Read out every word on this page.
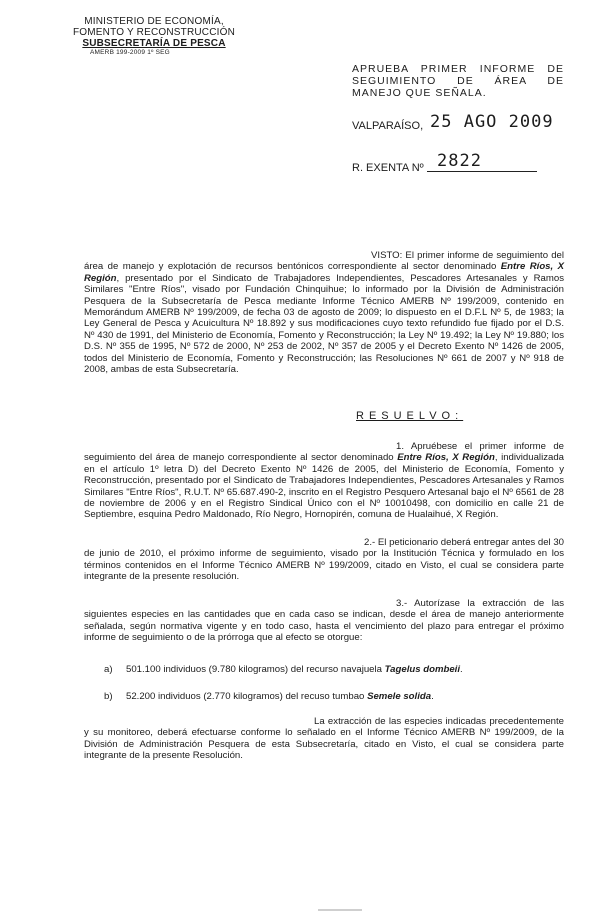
MINISTERIO DE ECONOMÍA,
FOMENTO Y RECONSTRUCCIÓN
SUBSECRETARÍA DE PESCA
AMERB 199-2009 1º SEG
APRUEBA PRIMER INFORME DE SEGUIMIENTO DE ÁREA DE MANEJO QUE SEÑALA.
VALPARAÍSO, 25 AGO 2009
R. EXENTA Nº 2822
VISTO: El primer informe de seguimiento del área de manejo y explotación de recursos bentónicos correspondiente al sector denominado Entre Ríos, X Región, presentado por el Sindicato de Trabajadores Independientes, Pescadores Artesanales y Ramos Similares "Entre Ríos", visado por Fundación Chinquihue; lo informado por la División de Administración Pesquera de la Subsecretaría de Pesca mediante Informe Técnico AMERB Nº 199/2009, contenido en Memorándum AMERB Nº 199/2009, de fecha 03 de agosto de 2009; lo dispuesto en el D.F.L Nº 5, de 1983; la Ley General de Pesca y Acuicultura Nº 18.892 y sus modificaciones cuyo texto refundido fue fijado por el D.S. Nº 430 de 1991, del Ministerio de Economía, Fomento y Reconstrucción; la Ley Nº 19.492; la Ley Nº 19.880; los D.S. Nº 355 de 1995, Nº 572 de 2000, Nº 253 de 2002, Nº 357 de 2005 y el Decreto Exento Nº 1426 de 2005, todos del Ministerio de Economía, Fomento y Reconstrucción; las Resoluciones Nº 661 de 2007 y Nº 918 de 2008, ambas de esta Subsecretaría.
RESUELVO:
1. Apruébese el primer informe de seguimiento del área de manejo correspondiente al sector denominado Entre Ríos, X Región, individualizada en el artículo 1º letra D) del Decreto Exento Nº 1426 de 2005, del Ministerio de Economía, Fomento y Reconstrucción, presentado por el Sindicato de Trabajadores Independientes, Pescadores Artesanales y Ramos Similares "Entre Ríos", R.U.T. Nº 65.687.490-2, inscrito en el Registro Pesquero Artesanal bajo el Nº 6561 de 28 de noviembre de 2006 y en el Registro Sindical Único con el Nº 10010498, con domicilio en calle 21 de Septiembre, esquina Pedro Maldonado, Río Negro, Hornopirén, comuna de Hualaihué, X Región.
2.- El peticionario deberá entregar antes del 30 de junio de 2010, el próximo informe de seguimiento, visado por la Institución Técnica y formulado en los términos contenidos en el Informe Técnico AMERB Nº 199/2009, citado en Visto, el cual se considera parte integrante de la presente resolución.
3.- Autorízase la extracción de las siguientes especies en las cantidades que en cada caso se indican, desde el área de manejo anteriormente señalada, según normativa vigente y en todo caso, hasta el vencimiento del plazo para entregar el próximo informe de seguimiento o de la prórroga que al efecto se otorgue:
a) 501.100 individuos (9.780 kilogramos) del recurso navajuela Tagelus dombeii.
b) 52.200 individuos (2.770 kilogramos) del recuso tumbao Semele solida.
La extracción de las especies indicadas precedentemente y su monitoreo, deberá efectuarse conforme lo señalado en el Informe Técnico AMERB Nº 199/2009, de la División de Administración Pesquera de esta Subsecretaría, citado en Visto, el cual se considera parte integrante de la presente Resolución.
